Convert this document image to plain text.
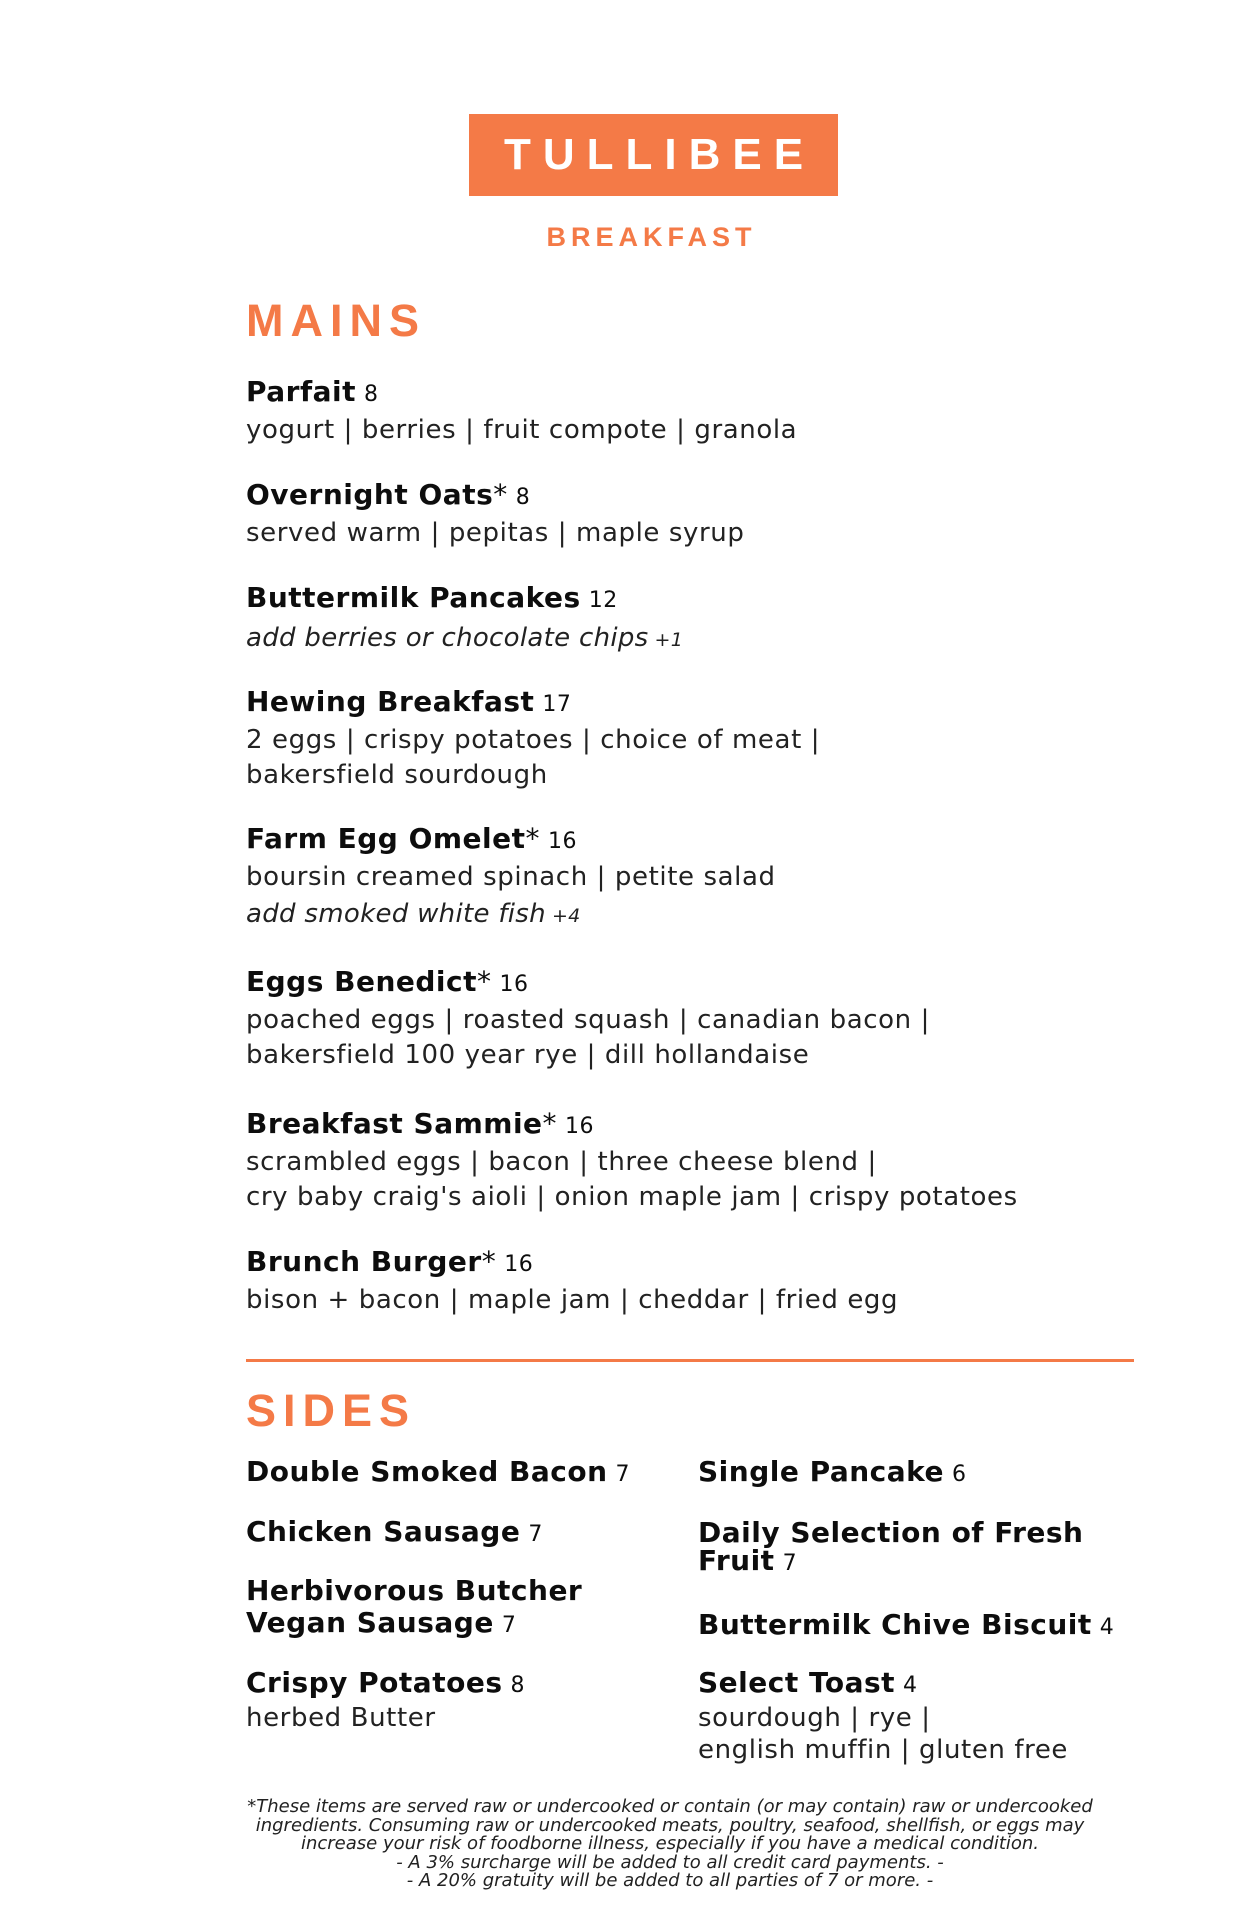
TULLIBEE
BREAKFAST
MAINS
Parfait 8
yogurt | berries | fruit compote | granola
Overnight Oats* 8
served warm | pepitas | maple syrup
Buttermilk Pancakes 12
add berries or chocolate chips +1
Hewing Breakfast 17
2 eggs | crispy potatoes | choice of meat |
bakersfield sourdough
Farm Egg Omelet* 16
boursin creamed spinach | petite salad
add smoked white fish +4
Eggs Benedict* 16
poached eggs | roasted squash | canadian bacon |
bakersfield 100 year rye | dill hollandaise
Breakfast Sammie* 16
scrambled eggs | bacon | three cheese blend |
cry baby craig's aioli | onion maple jam | crispy potatoes
Brunch Burger* 16
bison + bacon | maple jam | cheddar | fried egg
SIDES
Double Smoked Bacon 7
Chicken Sausage 7
Herbivorous Butcher
Vegan Sausage 7
Crispy Potatoes 8
herbed Butter
Single Pancake 6
Daily Selection of Fresh
Fruit 7
Buttermilk Chive Biscuit 4
Select Toast 4
sourdough | rye |
english muffin | gluten free
*These items are served raw or undercooked or contain (or may contain) raw or undercooked
ingredients. Consuming raw or undercooked meats, poultry, seafood, shellfish, or eggs may
increase your risk of foodborne illness, especially if you have a medical condition.
- A 3% surcharge will be added to all credit card payments. -
- A 20% gratuity will be added to all parties of 7 or more. -
